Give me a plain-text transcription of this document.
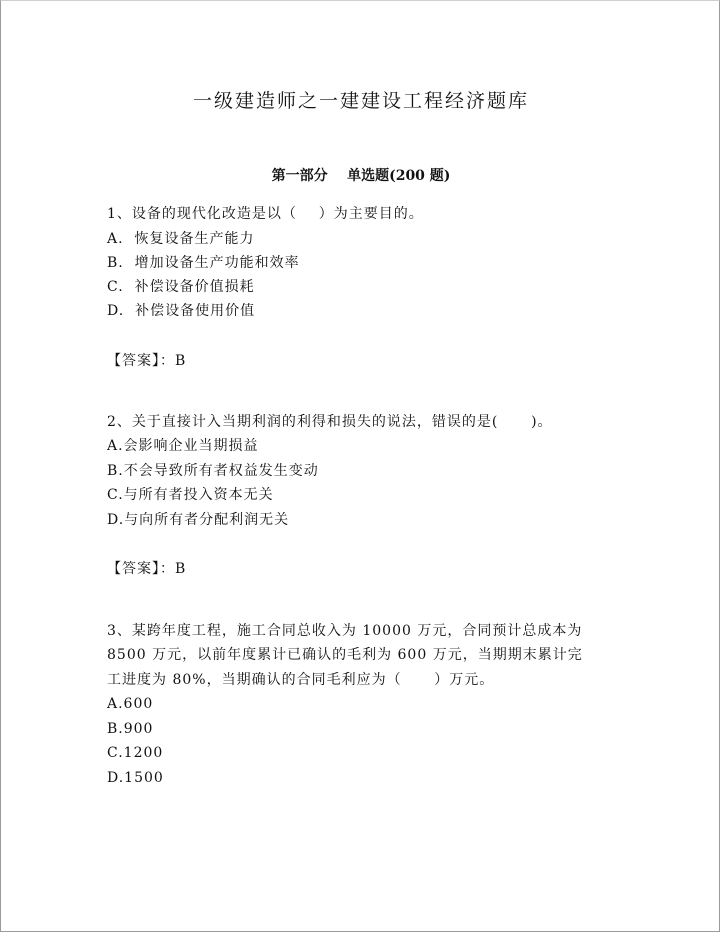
一级建造师之一建建设工程经济题库
第一部分    单选题(200 题)
1、设备的现代化改造是以（    ）为主要目的。
A.  恢复设备生产能力
B.  增加设备生产功能和效率
C.  补偿设备价值损耗
D.  补偿设备使用价值
【答案】：B
2、关于直接计入当期利润的利得和损失的说法，错误的是(      )。
A.会影响企业当期损益
B.不会导致所有者权益发生变动
C.与所有者投入资本无关
D.与向所有者分配利润无关
【答案】：B
3、某跨年度工程，施工合同总收入为 10000 万元，合同预计总成本为
8500 万元，以前年度累计已确认的毛利为 600 万元，当期期末累计完
工进度为 80%，当期确认的合同毛利应为（      ）万元。
A.600
B.900
C.1200
D.1500
